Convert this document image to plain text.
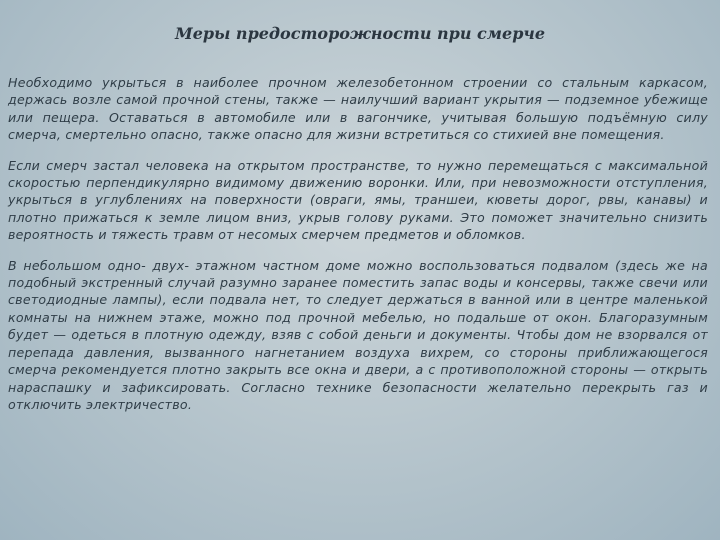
Меры предосторожности при смерче

Необходимо укрыться в наиболее прочном железобетонном строении со стальным каркасом, держась возле самой прочной стены, также — наилучший вариант укрытия — подземное убежище или пещера. Оставаться в автомобиле или в вагончике, учитывая большую подъёмную силу смерча, смертельно опасно, также опасно для жизни встретиться со стихией вне помещения.

Если смерч застал человека на открытом пространстве, то нужно перемещаться с максимальной скоростью перпендикулярно видимому движению воронки. Или, при невозможности отступления, укрыться в углублениях на поверхности (овраги, ямы, траншеи, кюветы дорог, рвы, канавы) и плотно прижаться к земле лицом вниз, укрыв голову руками. Это поможет значительно снизить вероятность и тяжесть травм от несомых смерчем предметов и обломков.

В небольшом одно- двух- этажном частном доме можно воспользоваться подвалом (здесь же на подобный экстренный случай разумно заранее поместить запас воды и консервы, также свечи или светодиодные лампы), если подвала нет, то следует держаться в ванной или в центре маленькой комнаты на нижнем этаже, можно под прочной мебелью, но подальше от окон. Благоразумным будет — одеться в плотную одежду, взяв с собой деньги и документы. Чтобы дом не взорвался от перепада давления, вызванного нагнетанием воздуха вихрем, со стороны приближающегося смерча рекомендуется плотно закрыть все окна и двери, а с противоположной стороны — открыть нараспашку и зафиксировать. Согласно технике безопасности желательно перекрыть газ и отключить электричество.
